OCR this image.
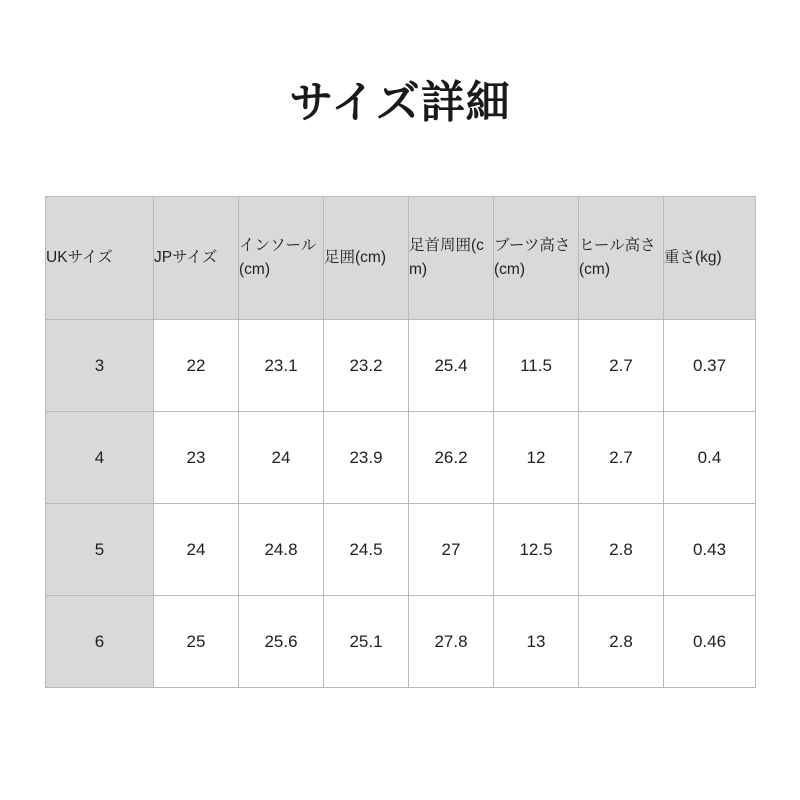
サイズ詳細
UKサイズ	JPサイズ	インソール(cm)	足囲(cm)	足首周囲(cm)	ブーツ高さ(cm)	ヒール高さ(cm)	重さ(kg)
3	22	23.1	23.2	25.4	11.5	2.7	0.37
4	23	24	23.9	26.2	12	2.7	0.4
5	24	24.8	24.5	27	12.5	2.8	0.43
6	25	25.6	25.1	27.8	13	2.8	0.46
